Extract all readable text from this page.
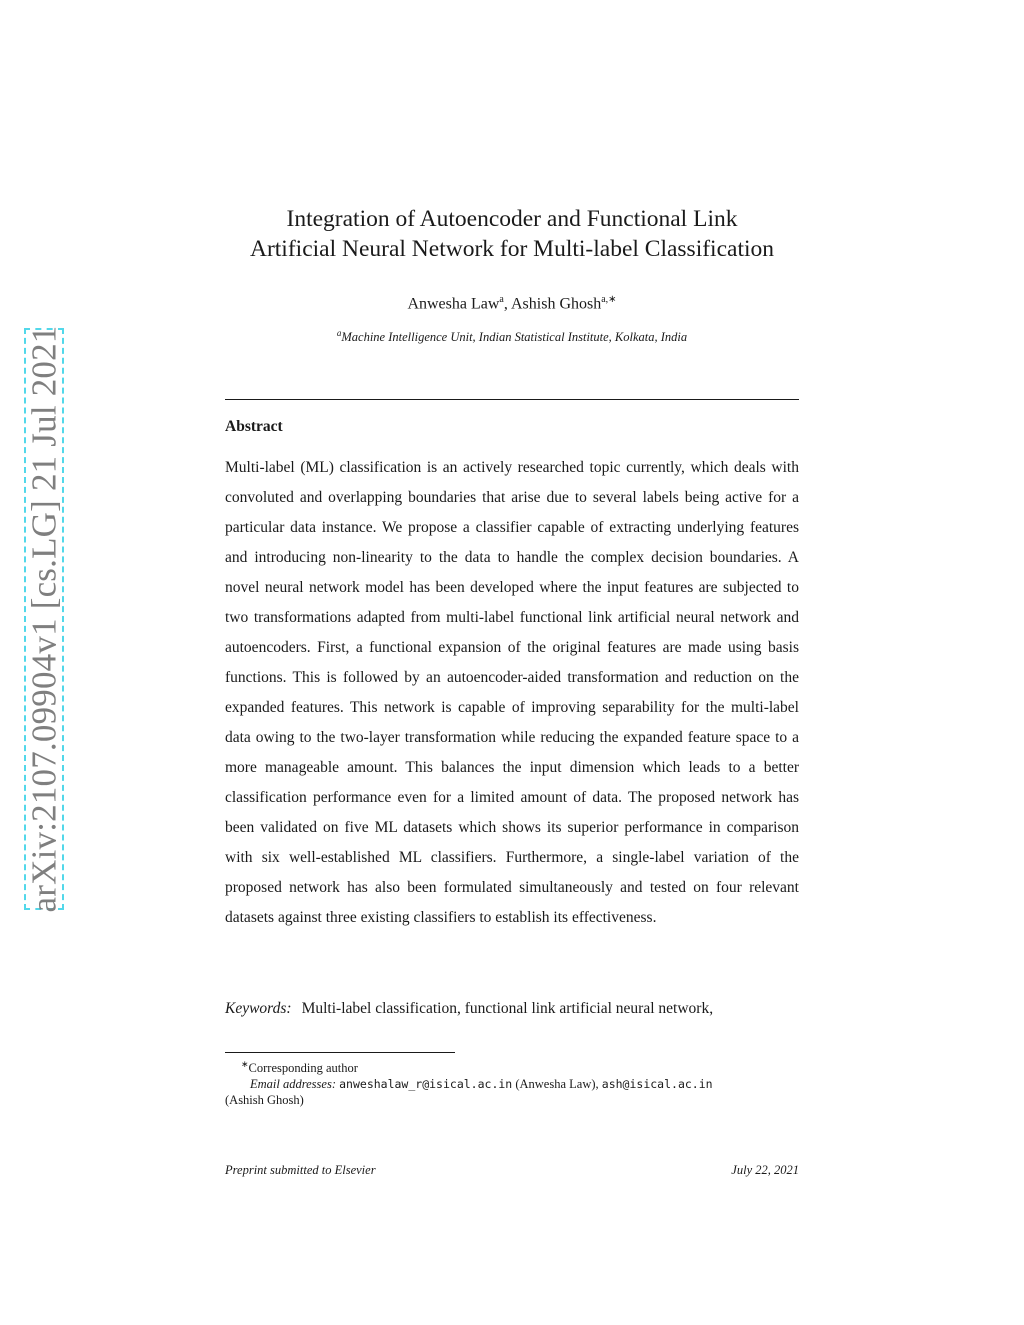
arXiv:2107.09904v1 [cs.LG] 21 Jul 2021
Integration of Autoencoder and Functional Link
Artificial Neural Network for Multi-label Classification
Anwesha Law$^a$, Ashish Ghosh$^{a,∗}$
$^a$Machine Intelligence Unit, Indian Statistical Institute, Kolkata, India
Abstract

Multi-label (ML) classification is an actively researched topic currently, which deals with convoluted and overlapping boundaries that arise due to several labels being active for a particular data instance. We propose a classifier capable of extracting underlying features and introducing non-linearity to the data to handle the complex decision boundaries. A novel neural network model has been developed where the input features are subjected to two transformations adapted from multi-label functional link artificial neural network and autoencoders. First, a functional expansion of the original features are made using basis functions. This is followed by an autoencoder-aided transformation and reduction on the expanded features. This network is capable of improving separability for the multi-label data owing to the two-layer transformation while reducing the expanded feature space to a more manageable amount. This balances the input dimension which leads to a better classification performance even for a limited amount of data. The proposed network has been validated on five ML datasets which shows its superior performance in comparison with six well-established ML classifiers. Furthermore, a single-label variation of the proposed network has also been formulated simultaneously and tested on four relevant datasets against three existing classifiers to establish its effectiveness.

Keywords: Multi-label classification, functional link artificial neural network,
∗Corresponding author
Email addresses: anweshalaw_r@isical.ac.in (Anwesha Law), ash@isical.ac.in
(Ashish Ghosh)
Preprint submitted to Elsevier	July 22, 2021
